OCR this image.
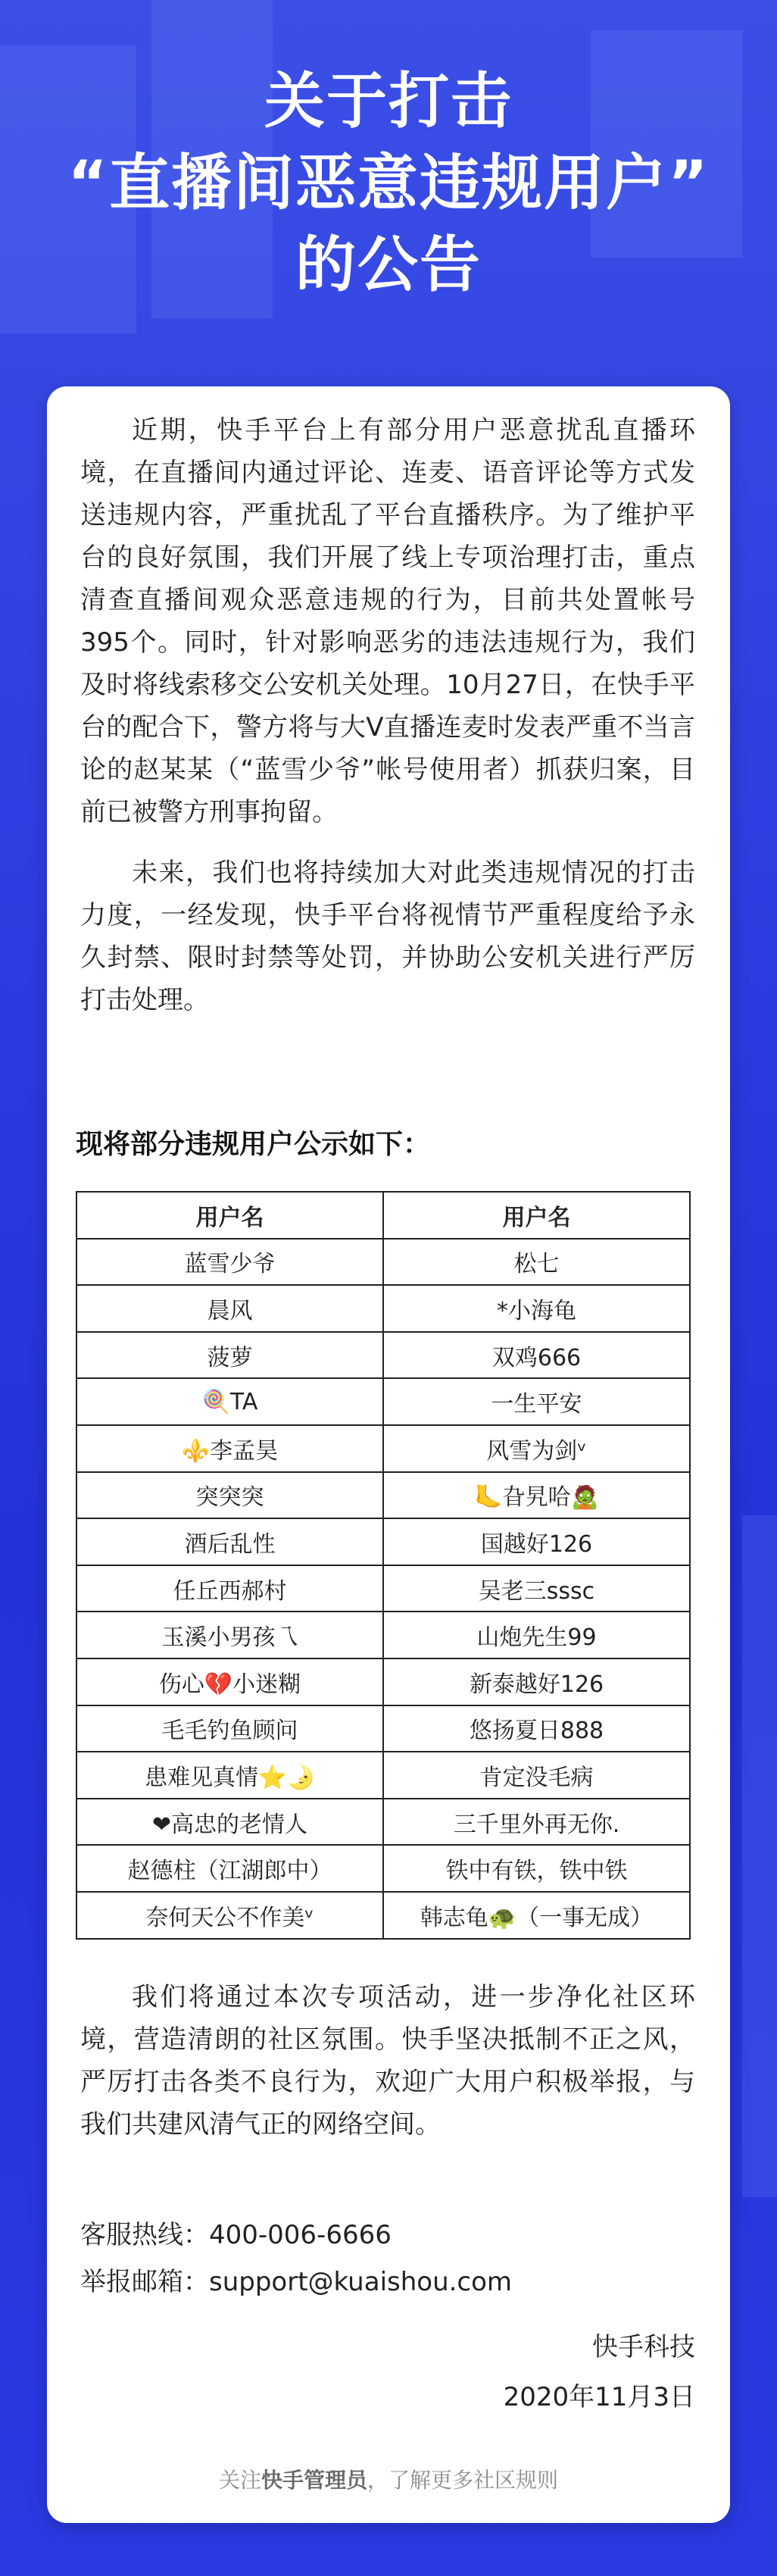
关于打击
“直播间恶意违规用户”
的公告

近期，快手平台上有部分用户恶意扰乱直播环境，在直播间内通过评论、连麦、语音评论等方式发送违规内容，严重扰乱了平台直播秩序。为了维护平台的良好氛围，我们开展了线上专项治理打击，重点清查直播间观众恶意违规的行为，目前共处置帐号395个。同时，针对影响恶劣的违法违规行为，我们及时将线索移交公安机关处理。10月27日，在快手平台的配合下，警方将与大V直播连麦时发表严重不当言论的赵某某（“蓝雪少爷”帐号使用者）抓获归案，目前已被警方刑事拘留。

未来，我们也将持续加大对此类违规情况的打击力度，一经发现，快手平台将视情节严重程度给予永久封禁、限时封禁等处罚，并协助公安机关进行严厉打击处理。

现将部分违规用户公示如下：
用户名	用户名
蓝雪少爷	松七
晨风	*小海龟
菠萝	双鸡666
🍭TA	一生平安
⚜️李孟昊	风雪为剑ᵛ
突突突	🦶旮旯哈🧟
酒后乱性	国越好126
任丘西郝村	吴老三sssc
玉溪小男孩乁	山炮先生99
伤心💔小迷糊	新泰越好126
毛毛钓鱼顾问	悠扬夏日888
患难见真情⭐🌛	肯定没毛病
❤高忠的老情人	三千里外再无你.
赵德柱（江湖郎中）	铁中有铁，铁中铁
奈何天公不作美ᵛ	韩志龟🐢（一事无成）

我们将通过本次专项活动，进一步净化社区环境，营造清朗的社区氛围。快手坚决抵制不正之风，严厉打击各类不良行为，欢迎广大用户积极举报，与我们共建风清气正的网络空间。

客服热线：400-006-6666
举报邮箱：support@kuaishou.com
快手科技
2020年11月3日
关注快手管理员，了解更多社区规则
